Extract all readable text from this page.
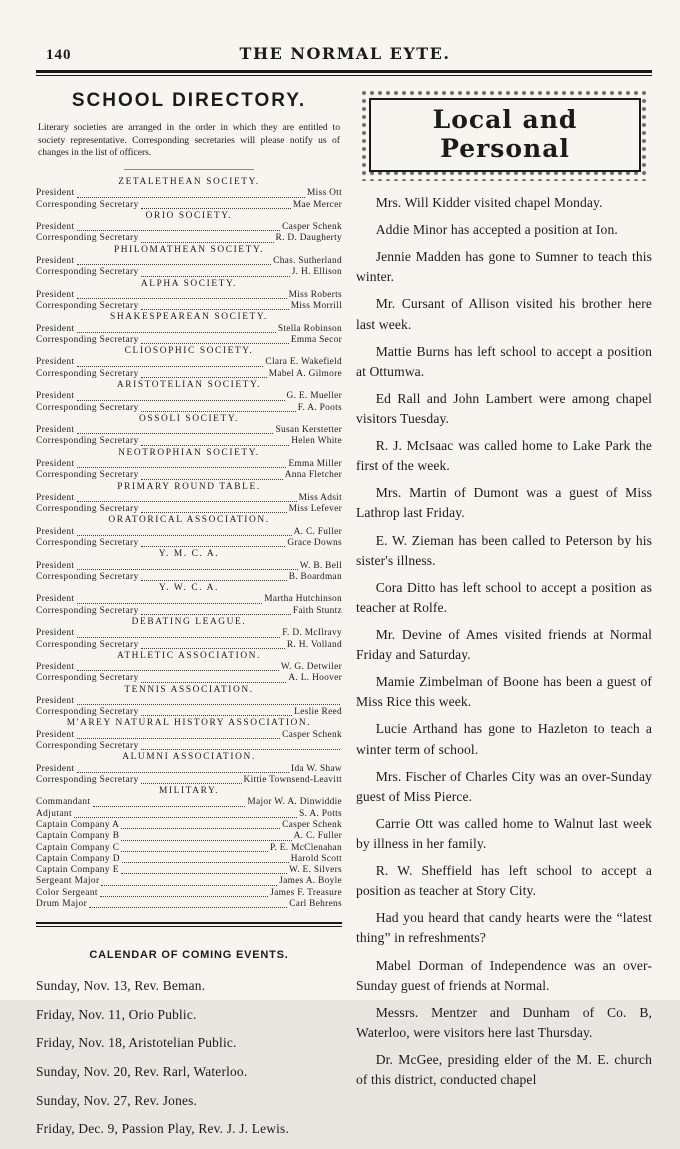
140	THE NORMAL EYTE.
SCHOOL DIRECTORY.

Literary societies are arranged in the order in which they are entitled to society representative. Corresponding secretaries will please notify us of changes in the list of officers.

ZETALETHEAN SOCIETY.
President	Miss Ott
Corresponding Secretary	Mae Mercer
ORIO SOCIETY.
President	Casper Schenk
Corresponding Secretary	R. D. Daugherty
PHILOMATHEAN SOCIETY.
President	Chas. Sutherland
Corresponding Secretary	J. H. Ellison
ALPHA SOCIETY.
President	Miss Roberts
Corresponding Secretary	Miss Morrill
SHAKESPEAREAN SOCIETY.
President	Stella Robinson
Corresponding Secretary	Emma Secor
CLIOSOPHIC SOCIETY.
President	Clara E. Wakefield
Corresponding Secretary	Mabel A. Gilmore
ARISTOTELIAN SOCIETY.
President	G. E. Mueller
Corresponding Secretary	F. A. Poots
OSSOLI SOCIETY.
President	Susan Kerstetter
Corresponding Secretary	Helen White
NEOTROPHIAN SOCIETY.
President	Emma Miller
Corresponding Secretary	Anna Fletcher
PRIMARY ROUND TABLE.
President	Miss Adsit
Corresponding Secretary	Miss Lefever
ORATORICAL ASSOCIATION.
President	A. C. Fuller
Corresponding Secretary	Grace Downs
Y. M. C. A.
President	W. B. Bell
Corresponding Secretary	B. Boardman
Y. W. C. A.
President	Martha Hutchinson
Corresponding Secretary	Faith Stuntz
DEBATING LEAGUE.
President	F. D. McIlravy
Corresponding Secretary	R. H. Volland
ATHLETIC ASSOCIATION.
President	W. G. Detwiler
Corresponding Secretary	A. L. Hoover
TENNIS ASSOCIATION.
President
Corresponding Secretary	Leslie Reed
M'AREY NATURAL HISTORY ASSOCIATION.
President	Casper Schenk
Corresponding Secretary
ALUMNI ASSOCIATION.
President	Ida W. Shaw
Corresponding Secretary	Kittie Townsend-Leavitt
MILITARY.
Commandant	Major W. A. Dinwiddie
Adjutant	S. A. Potts
Captain Company A	Casper Schenk
Captain Company B	A. C. Fuller
Captain Company C	P. E. McClenahan
Captain Company D	Harold Scott
Captain Company E	W. E. Silvers
Sergeant Major	James A. Boyle
Color Sergeant	James F. Treasure
Drum Major	Carl Behrens
CALENDAR OF COMING EVENTS.
Sunday, Nov. 13, Rev. Beman.
Friday, Nov. 11, Orio Public.
Friday, Nov. 18, Aristotelian Public.
Sunday, Nov. 20, Rev. Rarl, Waterloo.
Sunday, Nov. 27, Rev. Jones.
Friday, Dec. 9, Passion Play, Rev. J. J. Lewis.
Local and Personal

Mrs. Will Kidder visited chapel Monday.

Addie Minor has accepted a position at Ion.

Jennie Madden has gone to Sumner to teach this winter.

Mr. Cursant of Allison visited his brother here last week.

Mattie Burns has left school to accept a position at Ottumwa.

Ed Rall and John Lambert were among chapel visitors Tuesday.

R. J. McIsaac was called home to Lake Park the first of the week.

Mrs. Martin of Dumont was a guest of Miss Lathrop last Friday.

E. W. Zieman has been called to Peterson by his sister's illness.

Cora Ditto has left school to accept a position as teacher at Rolfe.

Mr. Devine of Ames visited friends at Normal Friday and Saturday.

Mamie Zimbelman of Boone has been a guest of Miss Rice this week.

Lucie Arthand has gone to Hazleton to teach a winter term of school.

Mrs. Fischer of Charles City was an over-Sunday guest of Miss Pierce.

Carrie Ott was called home to Walnut last week by illness in her family.

R. W. Sheffield has left school to accept a position as teacher at Story City.

Had you heard that candy hearts were the “latest thing” in refreshments?

Mabel Dorman of Independence was an over-Sunday guest of friends at Normal.

Messrs. Mentzer and Dunham of Co. B, Waterloo, were visitors here last Thursday.

Dr. McGee, presiding elder of the M. E. church of this district, conducted chapel
